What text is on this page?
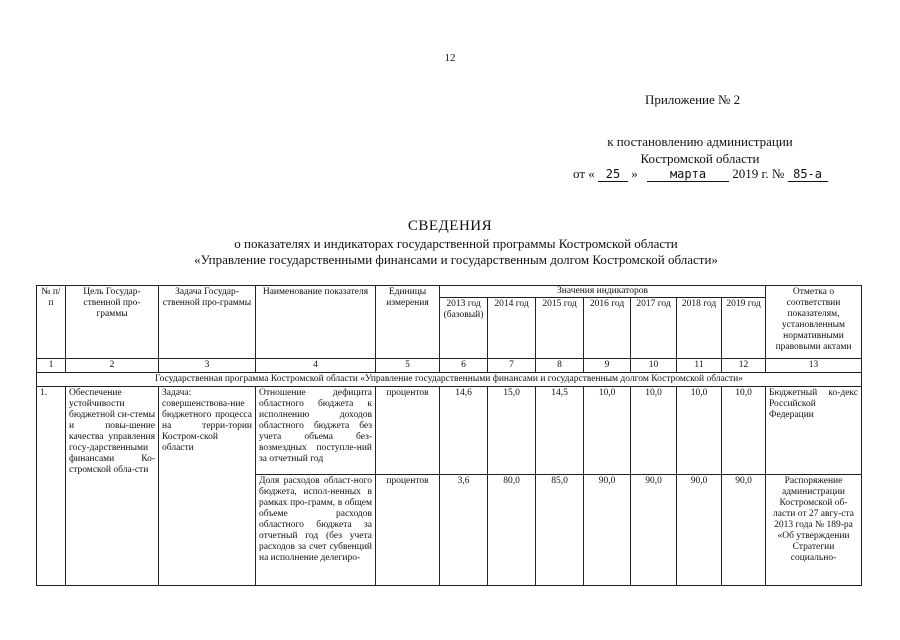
12
Приложение № 2
к постановлению администрации
Костромской области
от « 25 »	марта 2019 г. № 85-а
СВЕДЕНИЯ
о показателях и индикаторах государственной программы Костромской области
«Управление государственными финансами и государственным долгом Костромской области»
№ п/п	Цель Государ-ственной про-граммы	Задача Государ-ственной про-граммы	Наименование показателя	Единицы измерения	Значения индикаторов							Отметка о соответствии показателям, установленным нормативными правовыми актами
					2013 год (базовый)	2014 год	2015 год	2016 год	2017 год	2018 год	2019 год	
1	2	3	4	5	6	7	8	9	10	11	12	13
Государственная программа Костромской области «Управление государственными финансами и государственным долгом Костромской области»												
1.	Обеспечение устойчивости бюджетной си-стемы и повы-шение качества управления госу-дарственными финансами Ко-стромской обла-сти	Задача: совершенствова-ние бюджетного процесса на терри-тории Костром-ской области	Отношение дефицита областного бюджета к исполнению доходов областного бюджета без учета объема без-возмездных поступле-ний за отчетный год	процентов	14,6	15,0	14,5	10,0	10,0	10,0	10,0	Бюджетный ко-декс Российской Федерации
			Доля расходов област-ного бюджета, испол-ненных в рамках про-грамм, в общем объеме расходов областного бюджета за отчетный год (без учета расходов за счет субвенций на исполнение делегиро-	процентов	3,6	80,0	85,0	90,0	90,0	90,0	90,0	Распоряжение администрации Костромской об-ласти от 27 авгу-ста 2013 года № 189-ра «Об утверждении Стратегии социально-
